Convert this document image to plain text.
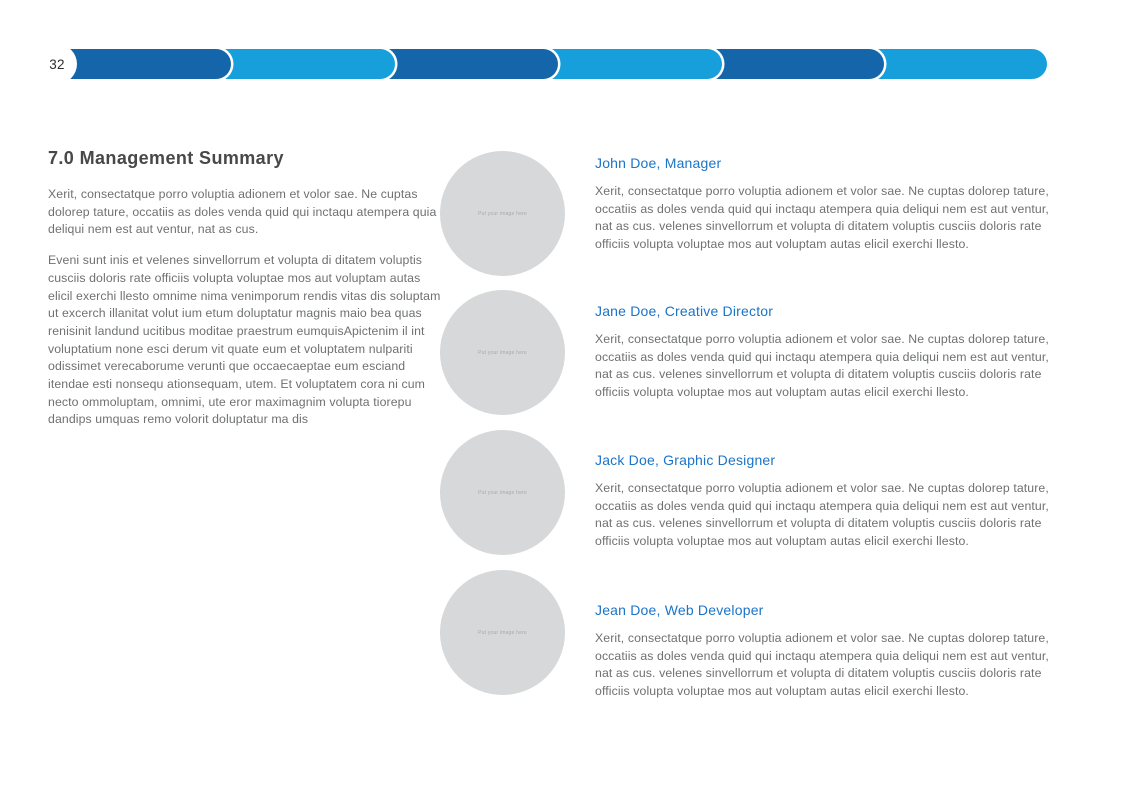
32
7.0 Management Summary
Xerit, consectatque porro voluptia adionem et volor sae. Ne cuptas dolorep tature, occatiis as doles venda quid qui inctaqu atempera quia deliqui nem est aut ventur, nat as cus.
Eveni sunt inis et velenes sinvellorrum et volupta di ditatem voluptis cusciis doloris rate officiis volupta voluptae mos aut voluptam autas elicil exerchi llesto omnime nima venimporum rendis vitas dis soluptam ut excerch illanitat volut ium etum doluptatur magnis maio bea quas renisinit landund ucitibus moditae praestrum eumquisApictenim il int voluptatium none esci derum vit quate eum et voluptatem nulpariti odissimet verecaborume verunti que occaecaeptae eum esciand itendae esti nonsequ ationsequam, utem. Et voluptatem cora ni cum necto ommoluptam, omnimi, ute eror maximagnim volupta tiorepu dandips umquas remo volorit doluptatur ma dis
Put your image here
John Doe, Manager
Xerit, consectatque porro voluptia adionem et volor sae. Ne cuptas dolorep tature, occatiis as doles venda quid qui inctaqu atempera quia deliqui nem est aut ventur, nat as cus. velenes sinvellorrum et volupta di ditatem voluptis cusciis doloris rate officiis volupta voluptae mos aut voluptam autas elicil exerchi llesto.
Put your image here
Jane Doe, Creative Director
Xerit, consectatque porro voluptia adionem et volor sae. Ne cuptas dolorep tature, occatiis as doles venda quid qui inctaqu atempera quia deliqui nem est aut ventur, nat as cus. velenes sinvellorrum et volupta di ditatem voluptis cusciis doloris rate officiis volupta voluptae mos aut voluptam autas elicil exerchi llesto.
Put your image here
Jack Doe, Graphic Designer
Xerit, consectatque porro voluptia adionem et volor sae. Ne cuptas dolorep tature, occatiis as doles venda quid qui inctaqu atempera quia deliqui nem est aut ventur, nat as cus. velenes sinvellorrum et volupta di ditatem voluptis cusciis doloris rate officiis volupta voluptae mos aut voluptam autas elicil exerchi llesto.
Put your image here
Jean Doe, Web Developer
Xerit, consectatque porro voluptia adionem et volor sae. Ne cuptas dolorep tature, occatiis as doles venda quid qui inctaqu atempera quia deliqui nem est aut ventur, nat as cus. velenes sinvellorrum et volupta di ditatem voluptis cusciis doloris rate officiis volupta voluptae mos aut voluptam autas elicil exerchi llesto.
